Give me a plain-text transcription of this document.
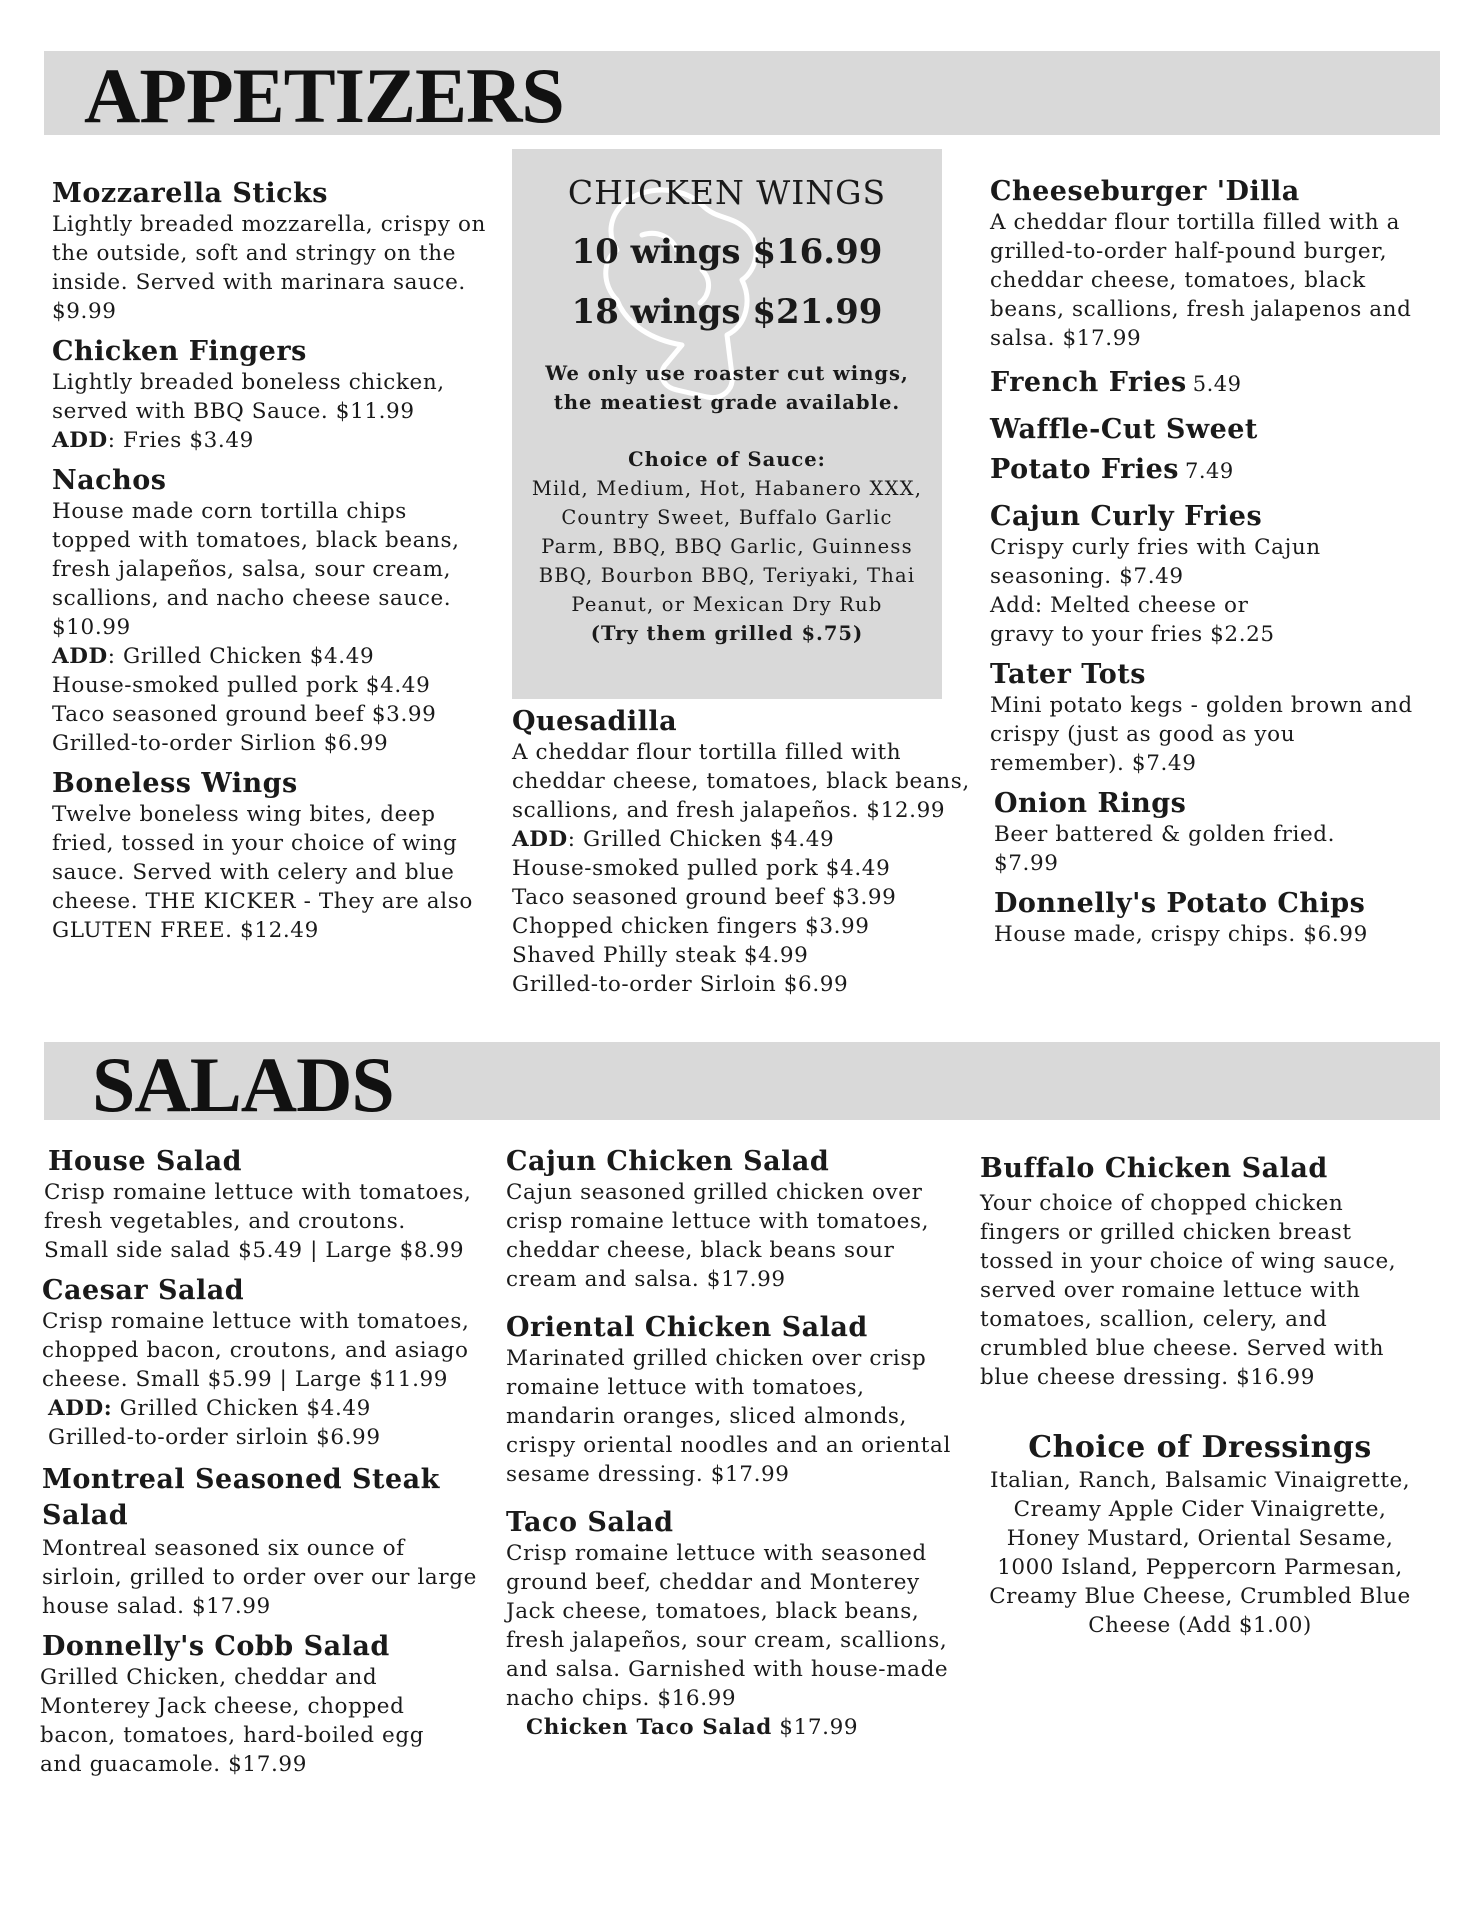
APPETIZERS
Mozzarella Sticks

Lightly breaded mozzarella, crispy on the outside, soft and stringy on the inside. Served with marinara sauce. $9.99

Chicken Fingers

Lightly breaded boneless chicken, served with BBQ Sauce. $11.99

ADD: Fries $3.49

Nachos

House made corn tortilla chips topped with tomatoes, black beans, fresh jalapeños, salsa, sour cream, scallions, and nacho cheese sauce. $10.99

ADD: Grilled Chicken $4.49

House-smoked pulled pork $4.49

Taco seasoned ground beef $3.99

Grilled-to-order Sirlion $6.99

Boneless Wings

Twelve boneless wing bites, deep fried, tossed in your choice of wing sauce. Served with celery and blue cheese. THE KICKER - They are also GLUTEN FREE. $12.49

CHICKEN WINGS

10 wings $16.99

18 wings $21.99

We only use roaster cut wings, the meatiest grade available.

Choice of Sauce:

Mild, Medium, Hot, Habanero XXX, Country Sweet, Buffalo Garlic Parm, BBQ, BBQ Garlic, Guinness BBQ, Bourbon BBQ, Teriyaki, Thai Peanut, or Mexican Dry Rub

(Try them grilled $.75)

Quesadilla

A cheddar flour tortilla filled with cheddar cheese, tomatoes, black beans, scallions, and fresh jalapeños. $12.99

ADD: Grilled Chicken $4.49

House-smoked pulled pork $4.49

Taco seasoned ground beef $3.99

Chopped chicken fingers $3.99

Shaved Philly steak $4.99

Grilled-to-order Sirloin $6.99

Cheeseburger 'Dilla

A cheddar flour tortilla filled with a grilled-to-order half-pound burger, cheddar cheese, tomatoes, black beans, scallions, fresh jalapenos and salsa. $17.99

French Fries 5.49
Waffle-Cut Sweet
Potato Fries 7.49
Cajun Curly Fries

Crispy curly fries with Cajun seasoning. $7.49

Add: Melted cheese or gravy to your fries $2.25

Tater Tots

Mini potato kegs - golden brown and crispy (just as good as you remember). $7.49

Onion Rings

Beer battered & golden fried. $7.99

Donnelly's Potato Chips

House made, crispy chips. $6.99

SALADS
House Salad

Crisp romaine lettuce with tomatoes, fresh vegetables, and croutons.

Small side salad $5.49 | Large $8.99

Caesar Salad

Crisp romaine lettuce with tomatoes, chopped bacon, croutons, and asiago cheese. Small $5.99 | Large $11.99

ADD: Grilled Chicken $4.49

Grilled-to-order sirloin $6.99

Montreal Seasoned Steak Salad

Montreal seasoned six ounce of sirloin, grilled to order over our large house salad. $17.99

Donnelly's Cobb Salad

Grilled Chicken, cheddar and Monterey Jack cheese, chopped bacon, tomatoes, hard-boiled egg and guacamole. $17.99

Cajun Chicken Salad

Cajun seasoned grilled chicken over crisp romaine lettuce with tomatoes, cheddar cheese, black beans sour cream and salsa. $17.99

Oriental Chicken Salad

Marinated grilled chicken over crisp romaine lettuce with tomatoes, mandarin oranges, sliced almonds, crispy oriental noodles and an oriental sesame dressing. $17.99

Taco Salad

Crisp romaine lettuce with seasoned ground beef, cheddar and Monterey Jack cheese, tomatoes, black beans, fresh jalapeños, sour cream, scallions, and salsa. Garnished with house-made nacho chips. $16.99

Chicken Taco Salad $17.99

Buffalo Chicken Salad

Your choice of chopped chicken fingers or grilled chicken breast tossed in your choice of wing sauce, served over romaine lettuce with tomatoes, scallion, celery, and crumbled blue cheese. Served with blue cheese dressing. $16.99

Choice of Dressings

Italian, Ranch, Balsamic Vinaigrette, Creamy Apple Cider Vinaigrette, Honey Mustard, Oriental Sesame, 1000 Island, Peppercorn Parmesan, Creamy Blue Cheese, Crumbled Blue Cheese (Add $1.00)
